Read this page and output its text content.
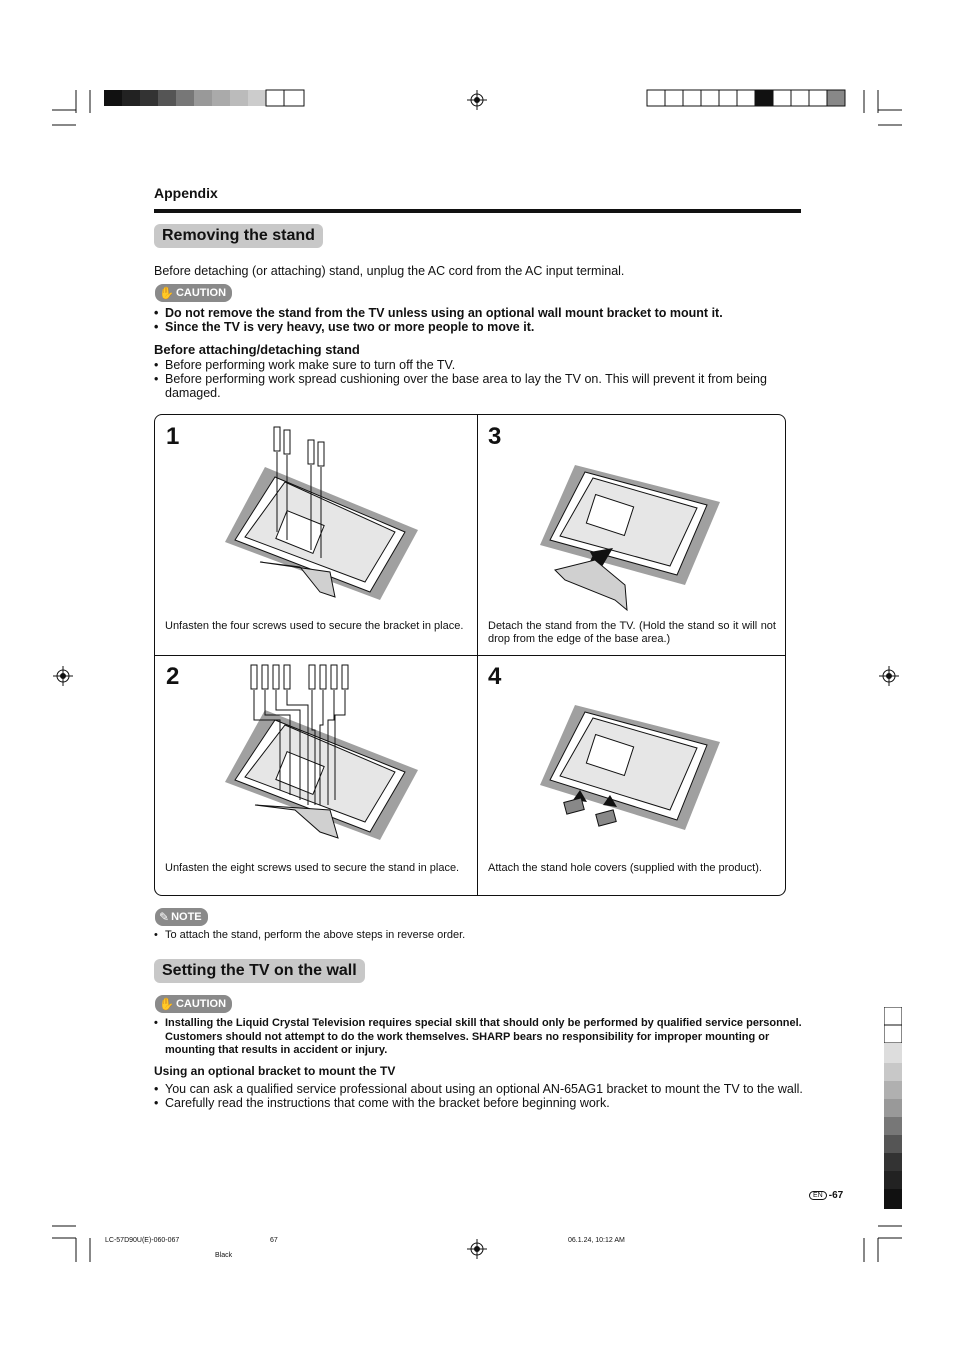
Appendix
Removing the stand
Before detaching (or attaching) stand, unplug the AC cord from the AC input terminal.
✋ CAUTION
• Do not remove the stand from the TV unless using an optional wall mount bracket to mount it.
• Since the TV is very heavy, use two or more people to move it.
Before attaching/detaching stand
• Before performing work make sure to turn off the TV.
• Before performing work spread cushioning over the base area to lay the TV on. This will prevent it from being damaged.
1	3
2	4
Unfasten the four screws used to secure the bracket in place.	Detach the stand from the TV. (Hold the stand so it will not drop from the edge of the base area.)
Unfasten the eight screws used to secure the stand in place.	Attach the stand hole covers (supplied with the product).
✎ NOTE
• To attach the stand, perform the above steps in reverse order.
Setting the TV on the wall
✋ CAUTION
• Installing the Liquid Crystal Television requires special skill that should only be performed by qualified service personnel. Customers should not attempt to do the work themselves. SHARP bears no responsibility for improper mounting or mounting that results in accident or injury.
Using an optional bracket to mount the TV
• You can ask a qualified service professional about using an optional AN-65AG1 bracket to mount the TV to the wall.
• Carefully read the instructions that come with the bracket before beginning work.
EN -67
LC-57D90U(E)-060-067	67	06.1.24, 10:12 AM
Black
